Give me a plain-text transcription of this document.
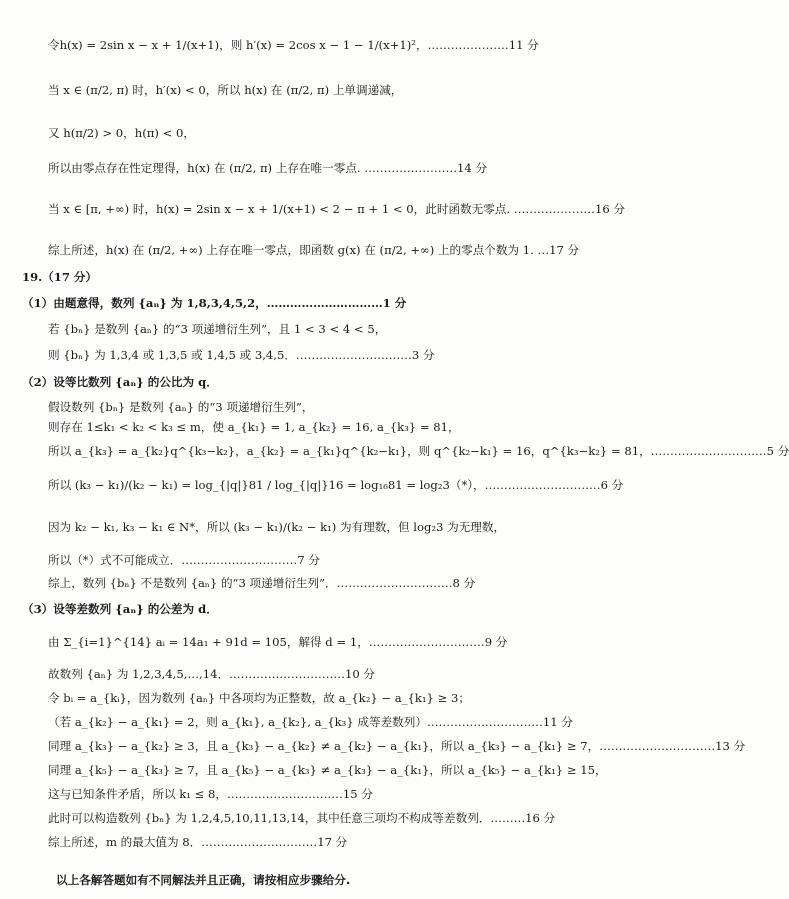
令h(x) = 2sin x − x + 1/(x+1)，则 h′(x) = 2cos x − 1 − 1/(x+1)²，…………………11 分
当 x ∈ (π/2, π) 时，h′(x) < 0，所以 h(x) 在 (π/2, π) 上单调递减，
又 h(π/2) > 0，h(π) < 0，
所以由零点存在性定理得，h(x) 在 (π/2, π) 上存在唯一零点. ……………………14 分
当 x ∈ [π, +∞) 时，h(x) = 2sin x − x + 1/(x+1) < 2 − π + 1 < 0，此时函数无零点. …………………16 分
综上所述，h(x) 在 (π/2, +∞) 上存在唯一零点，即函数 g(x) 在 (π/2, +∞) 上的零点个数为 1. …17 分
19.（17 分）
（1）由题意得，数列 {aₙ} 为 1,8,3,4,5,2，…………………………1 分
若 {bₙ} 是数列 {aₙ} 的“3 项递增衍生列”，且 1 < 3 < 4 < 5，
则 {bₙ} 为 1,3,4 或 1,3,5 或 1,4,5 或 3,4,5．…………………………3 分
（2）设等比数列 {aₙ} 的公比为 q．
假设数列 {bₙ} 是数列 {aₙ} 的“3 项递增衍生列”，
则存在 1≤k₁ < k₂ < k₃ ≤ m，使 a_{k₁} = 1, a_{k₂} = 16, a_{k₃} = 81，
所以 a_{k₃} = a_{k₂}q^{k₃−k₂}，a_{k₂} = a_{k₁}q^{k₂−k₁}，则 q^{k₂−k₁} = 16，q^{k₃−k₂} = 81，…………………………5 分
所以 (k₃ − k₁)/(k₂ − k₁) = log_{|q|}81 / log_{|q|}16 = log₁₆81 = log₂3（*），…………………………6 分
因为 k₂ − k₁, k₃ − k₁ ∈ N*，所以 (k₃ − k₁)/(k₂ − k₁) 为有理数，但 log₂3 为无理数，
所以（*）式不可能成立．…………………………7 分
综上，数列 {bₙ} 不是数列 {aₙ} 的“3 项递增衍生列”．…………………………8 分
（3）设等差数列 {aₙ} 的公差为 d．
由 Σ_{i=1}^{14} aᵢ = 14a₁ + 91d = 105，解得 d = 1，…………………………9 分
故数列 {aₙ} 为 1,2,3,4,5,…,14．…………………………10 分
令 bᵢ = a_{kᵢ}，因为数列 {aₙ} 中各项均为正整数，故 a_{k₂} − a_{k₁} ≥ 3；
（若 a_{k₂} − a_{k₁} = 2，则 a_{k₁}, a_{k₂}, a_{k₃} 成等差数列）…………………………11 分
同理 a_{k₃} − a_{k₂} ≥ 3，且 a_{k₃} − a_{k₂} ≠ a_{k₂} − a_{k₁}，所以 a_{k₃} − a_{k₁} ≥ 7，…………………………13 分
同理 a_{k₅} − a_{k₃} ≥ 7，且 a_{k₅} − a_{k₃} ≠ a_{k₃} − a_{k₁}，所以 a_{k₅} − a_{k₁} ≥ 15，
这与已知条件矛盾，所以 k₁ ≤ 8，…………………………15 分
此时可以构造数列 {bₙ} 为 1,2,4,5,10,11,13,14，其中任意三项均不构成等差数列．………16 分
综上所述，m 的最大值为 8．…………………………17 分
以上各解答题如有不同解法并且正确，请按相应步骤给分.
